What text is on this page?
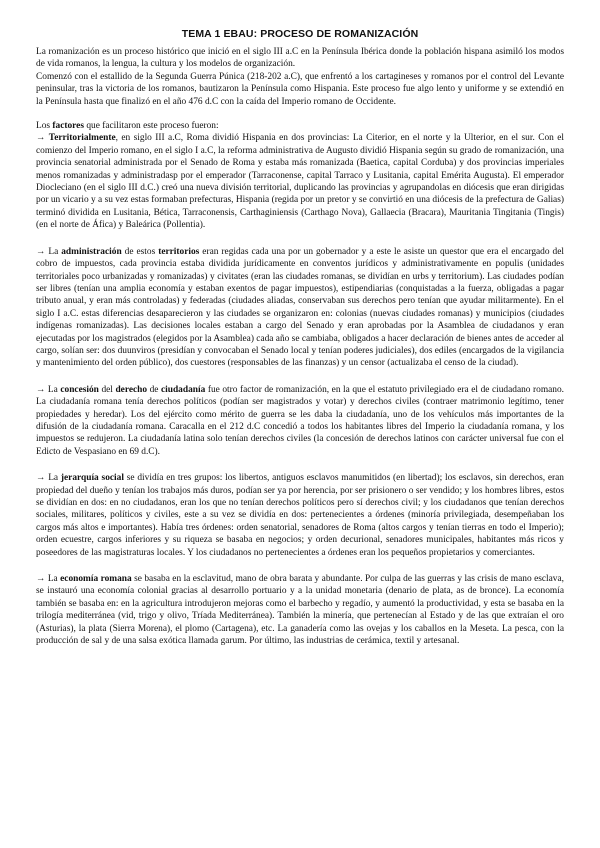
TEMA 1 EBAU: PROCESO DE ROMANIZACIÓN

La romanización es un proceso histórico que inició en el siglo III a.C en la Península Ibérica donde la población hispana asimiló los modos de vida romanos, la lengua, la cultura y los modelos de organización.

Comenzó con el estallido de la Segunda Guerra Púnica (218-202 a.C), que enfrentó a los cartagineses y romanos por el control del Levante peninsular, tras la victoria de los romanos, bautizaron la Península como Hispania. Este proceso fue algo lento y uniforme y se extendió en la Península hasta que finalizó en el año 476 d.C con la caída del Imperio romano de Occidente.

Los factores que facilitaron este proceso fueron:

→ Territorialmente, en siglo III a.C, Roma dividió Hispania en dos provincias: La Citerior, en el norte y la Ulterior, en el sur. Con el comienzo del Imperio romano, en el siglo I a.C, la reforma administrativa de Augusto dividió Hispania según su grado de romanización, una provincia senatorial administrada por el Senado de Roma y estaba más romanizada (Baetica, capital Corduba) y dos provincias imperiales menos romanizadas y administradasp por el emperador (Tarraconense, capital Tarraco y Lusitania, capital Emérita Augusta). El emperador Diocleciano (en el siglo III d.C.) creó una nueva división territorial, duplicando las provincias y agrupandolas en diócesis que eran dirigidas por un vicario y a su vez estas formaban prefecturas, Hispania (regida por un pretor y se convirtió en una diócesis de la prefectura de Galias) terminó dividida en Lusitania, Bética, Tarraconensis, Carthaginiensis (Carthago Nova), Gallaecia (Bracara), Mauritania Tingitania (Tingis) (en el norte de Áfica) y Baleárica (Pollentia).

→ La administración de estos territorios eran regidas cada una por un gobernador y a este le asiste un questor que era el encargado del cobro de impuestos, cada provincia estaba dividida jurídicamente en conventos jurídicos y administrativamente en populis (unidades territoriales poco urbanizadas y romanizadas) y civitates (eran las ciudades romanas, se dividían en urbs y territorium). Las ciudades podían ser libres (tenían una amplia economía y estaban exentos de pagar impuestos), estipendiarias (conquistadas a la fuerza, obligadas a pagar tributo anual, y eran más controladas) y federadas (ciudades aliadas, conservaban sus derechos pero tenían que ayudar militarmente). En el siglo I a.C. estas diferencias desaparecieron y las ciudades se organizaron en: colonias (nuevas ciudades romanas) y municipios (ciudades indígenas romanizadas). Las decisiones locales estaban a cargo del Senado y eran aprobadas por la Asamblea de ciudadanos y eran ejecutadas por los magistrados (elegidos por la Asamblea) cada año se cambiaba, obligados a hacer declaración de bienes antes de acceder al cargo, solían ser: dos duunviros (presidían y convocaban el Senado local y tenían poderes judiciales), dos ediles (encargados de la vigilancia y mantenimiento del orden público), dos cuestores (responsables de las finanzas) y un censor (actualizaba el censo de la ciudad).

→ La concesión del derecho de ciudadanía fue otro factor de romanización, en la que el estatuto privilegiado era el de ciudadano romano. La ciudadanía romana tenía derechos políticos (podían ser magistrados y votar) y derechos civiles (contraer matrimonio legítimo, tener propiedades y heredar). Los del ejército como mérito de guerra se les daba la ciudadanía, uno de los vehículos más importantes de la difusión de la ciudadanía romana. Caracalla en el 212 d.C concedió a todos los habitantes libres del Imperio la ciudadanía romana, y los impuestos se redujeron. La ciudadanía latina solo tenían derechos civiles (la concesión de derechos latinos con carácter universal fue con el Edicto de Vespasiano en 69 d.C).

→ La jerarquía social se dividía en tres grupos: los libertos, antiguos esclavos manumitidos (en libertad); los esclavos, sin derechos, eran propiedad del dueño y tenían los trabajos más duros, podían ser ya por herencia, por ser prisionero o ser vendido; y los hombres libres, estos se dividían en dos: en no ciudadanos, eran los que no tenían derechos políticos pero sí derechos civil; y los ciudadanos que tenían derechos sociales, militares, políticos y civiles, este a su vez se dividía en dos: pertenecientes a órdenes (minoría privilegiada, desempeñaban los cargos más altos e importantes). Había tres órdenes: orden senatorial, senadores de Roma (altos cargos y tenían tierras en todo el Imperio); orden ecuestre, cargos inferiores y su riqueza se basaba en negocios; y orden decurional, senadores municipales, habitantes más ricos y poseedores de las magistraturas locales. Y los ciudadanos no pertenecientes a órdenes eran los pequeños propietarios y comerciantes.

→ La economía romana se basaba en la esclavitud, mano de obra barata y abundante. Por culpa de las guerras y las crisis de mano esclava, se instauró una economía colonial gracias al desarrollo portuario y a la unidad monetaria (denario de plata, as de bronce). La economía también se basaba en: en la agricultura introdujeron mejoras como el barbecho y regadío, y aumentó la productividad, y esta se basaba en la trilogía mediterránea (vid, trigo y olivo, Tríada Mediterránea). También la minería, que pertenecían al Estado y de las que extraían el oro (Asturias), la plata (Sierra Morena), el plomo (Cartagena), etc. La ganadería como las ovejas y los caballos en la Meseta. La pesca, con la producción de sal y de una salsa exótica llamada garum. Por último, las industrias de cerámica, textil y artesanal.
